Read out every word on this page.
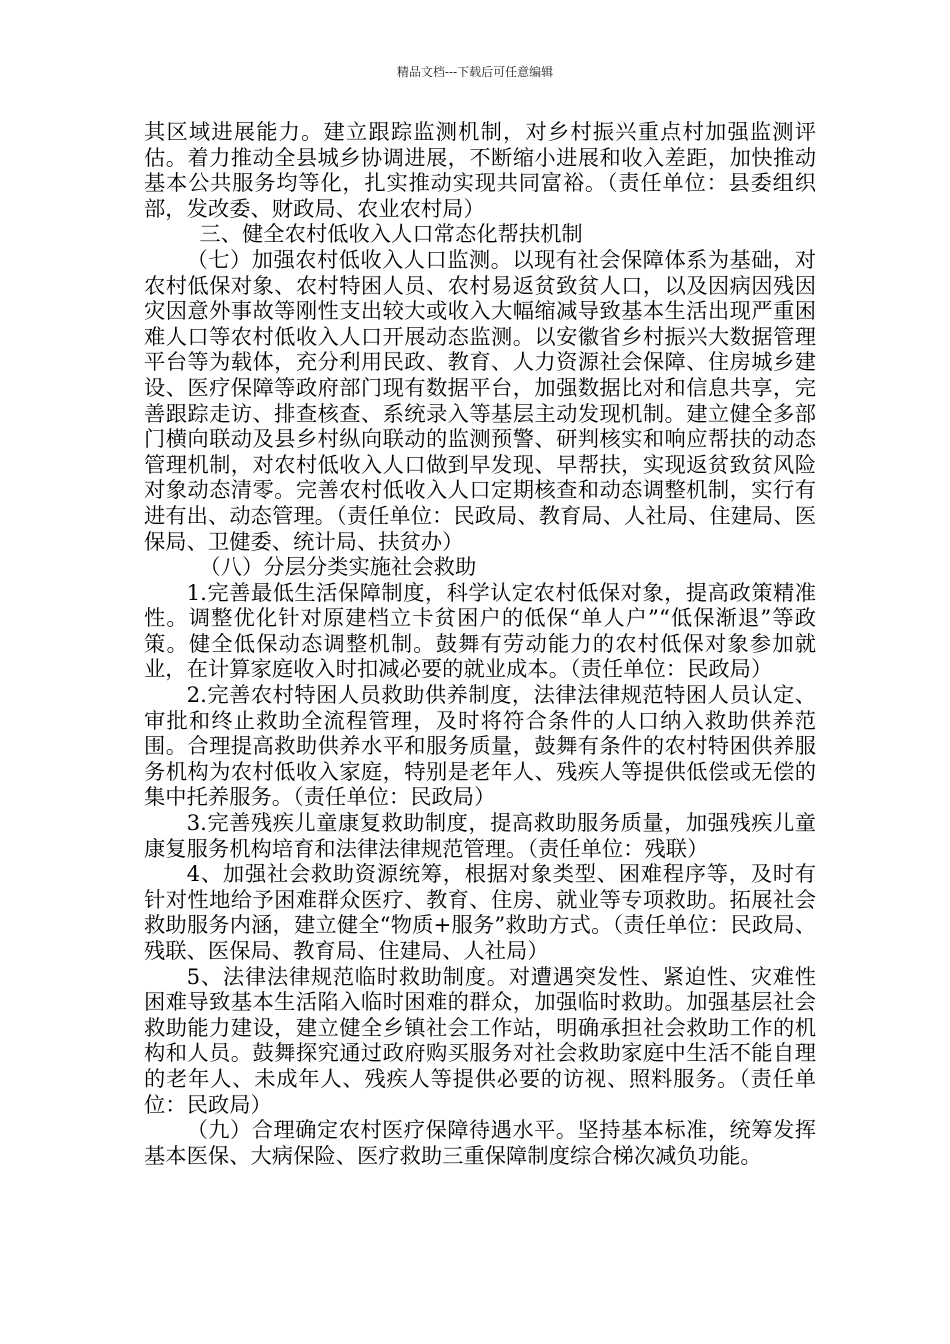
精品文档---下载后可任意编辑

其区域进展能力。建立跟踪监测机制，对乡村振兴重点村加强监测评估。着力推动全县城乡协调进展，不断缩小进展和收入差距，加快推动基本公共服务均等化，扎实推动实现共同富裕。（责任单位：县委组织部，发改委、财政局、农业农村局）

三、健全农村低收入人口常态化帮扶机制

（七）加强农村低收入人口监测。以现有社会保障体系为基础，对农村低保对象、农村特困人员、农村易返贫致贫人口，以及因病因残因灾因意外事故等刚性支出较大或收入大幅缩减导致基本生活出现严重困难人口等农村低收入人口开展动态监测。以安徽省乡村振兴大数据管理平台等为载体，充分利用民政、教育、人力资源社会保障、住房城乡建设、医疗保障等政府部门现有数据平台，加强数据比对和信息共享，完善跟踪走访、排查核查、系统录入等基层主动发现机制。建立健全多部门横向联动及县乡村纵向联动的监测预警、研判核实和响应帮扶的动态管理机制，对农村低收入人口做到早发现、早帮扶，实现返贫致贫风险对象动态清零。完善农村低收入人口定期核查和动态调整机制，实行有进有出、动态管理。（责任单位：民政局、教育局、人社局、住建局、医保局、卫健委、统计局、扶贫办）

（八）分层分类实施社会救助

1.完善最低生活保障制度，科学认定农村低保对象，提高政策精准性。调整优化针对原建档立卡贫困户的低保“单人户”“低保渐退”等政策。健全低保动态调整机制。鼓舞有劳动能力的农村低保对象参加就业，在计算家庭收入时扣减必要的就业成本。（责任单位：民政局）

2.完善农村特困人员救助供养制度，法律法律规范特困人员认定、审批和终止救助全流程管理，及时将符合条件的人口纳入救助供养范围。合理提高救助供养水平和服务质量，鼓舞有条件的农村特困供养服务机构为农村低收入家庭，特别是老年人、残疾人等提供低偿或无偿的集中托养服务。（责任单位：民政局）

3.完善残疾儿童康复救助制度，提高救助服务质量，加强残疾儿童康复服务机构培育和法律法律规范管理。（责任单位：残联）

4、加强社会救助资源统筹，根据对象类型、困难程序等，及时有针对性地给予困难群众医疗、教育、住房、就业等专项救助。拓展社会救助服务内涵，建立健全“物质+服务”救助方式。（责任单位：民政局、残联、医保局、教育局、住建局、人社局）

5、法律法律规范临时救助制度。对遭遇突发性、紧迫性、灾难性困难导致基本生活陷入临时困难的群众，加强临时救助。加强基层社会救助能力建设，建立健全乡镇社会工作站，明确承担社会救助工作的机构和人员。鼓舞探究通过政府购买服务对社会救助家庭中生活不能自理的老年人、未成年人、残疾人等提供必要的访视、照料服务。（责任单位：民政局）

（九）合理确定农村医疗保障待遇水平。坚持基本标准，统筹发挥基本医保、大病保险、医疗救助三重保障制度综合梯次减负功能。
